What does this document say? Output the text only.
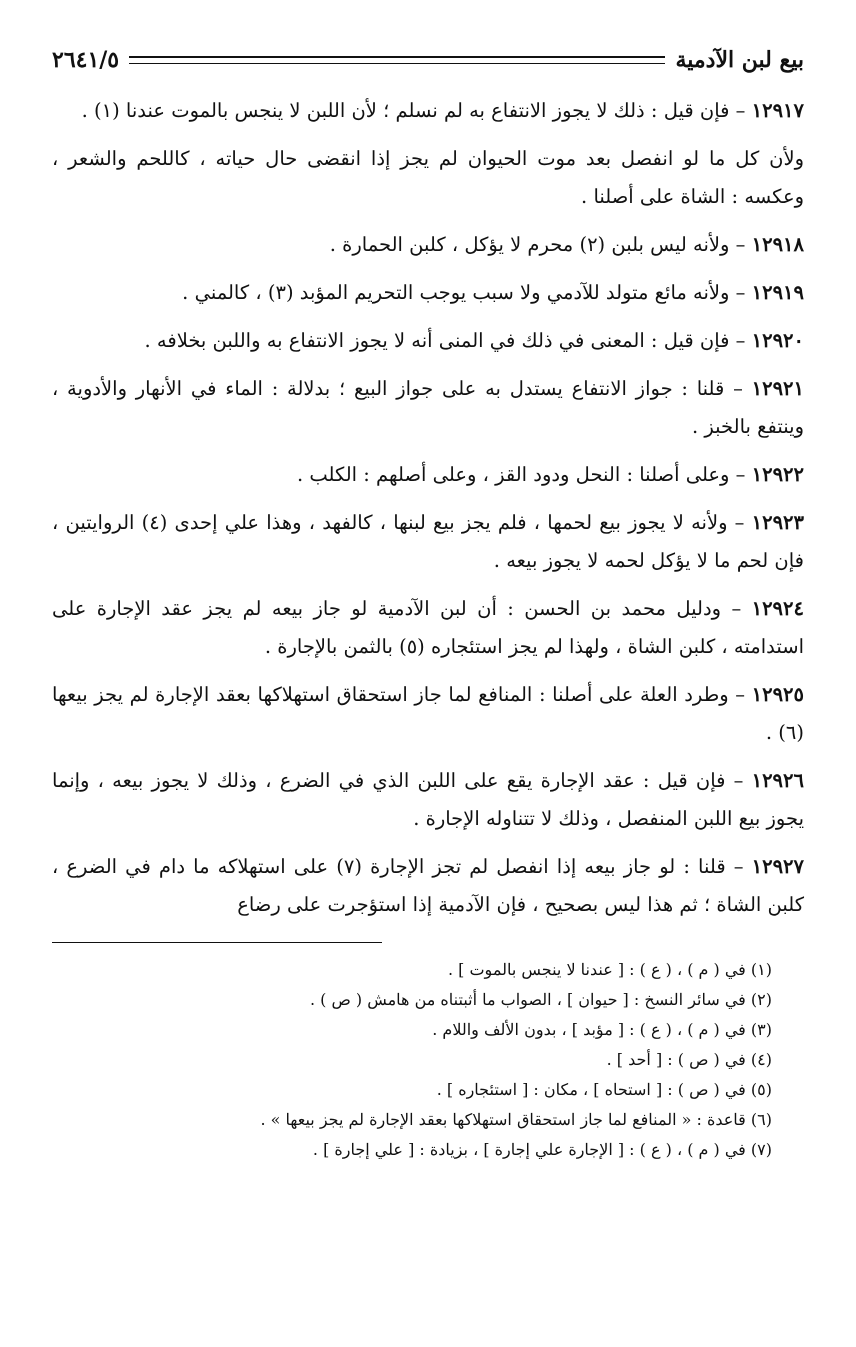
بيع لبن الآدمية
٢٦٤١/٥

١٢٩١٧ – فإن قيل : ذلك لا يجوز الانتفاع به لم نسلم ؛ لأن اللبن لا ينجس بالموت عندنا (١) .

ولأن كل ما لو انفصل بعد موت الحيوان لم يجز إذا انقضى حال حياته ، كاللحم والشعر ، وعكسه : الشاة على أصلنا .

١٢٩١٨ – ولأنه ليس بلبن (٢) محرم لا يؤكل ، كلبن الحمارة .

١٢٩١٩ – ولأنه مائع متولد للآدمي ولا سبب يوجب التحريم المؤبد (٣) ، كالمني .

١٢٩٢٠ – فإن قيل : المعنى في ذلك في المنى أنه لا يجوز الانتفاع به واللبن بخلافه .

١٢٩٢١ – قلنا : جواز الانتفاع يستدل به على جواز البيع ؛ بدلالة : الماء في الأنهار والأدوية ، وينتفع بالخبز .

١٢٩٢٢ – وعلى أصلنا : النحل ودود القز ، وعلى أصلهم : الكلب .

١٢٩٢٣ – ولأنه لا يجوز بيع لحمها ، فلم يجز بيع لبنها ، كالفهد ، وهذا علي إحدى (٤) الروايتين ، فإن لحم ما لا يؤكل لحمه لا يجوز بيعه .

١٢٩٢٤ – ودليل محمد بن الحسن : أن لبن الآدمية لو جاز بيعه لم يجز عقد الإجارة على استدامته ، كلبن الشاة ، ولهذا لم يجز استئجاره (٥) بالثمن بالإجارة .

١٢٩٢٥ – وطرد العلة على أصلنا : المنافع لما جاز استحقاق استهلاكها بعقد الإجارة لم يجز بيعها (٦) .

١٢٩٢٦ – فإن قيل : عقد الإجارة يقع على اللبن الذي في الضرع ، وذلك لا يجوز بيعه ، وإنما يجوز بيع اللبن المنفصل ، وذلك لا تتناوله الإجارة .

١٢٩٢٧ – قلنا : لو جاز بيعه إذا انفصل لم تجز الإجارة (٧) على استهلاكه ما دام في الضرع ، كلبن الشاة ؛ ثم هذا ليس بصحيح ، فإن الآدمية إذا استؤجرت على رضاع

(١) في ( م ) ، ( ع ) : [ عندنا لا ينجس بالموت ] .

(٢) في سائر النسخ : [ حيوان ] ، الصواب ما أثبتناه من هامش ( ص ) .

(٣) في ( م ) ، ( ع ) : [ مؤبد ] ، بدون الألف واللام .

(٤) في ( ص ) : [ أحد ] .

(٥) في ( ص ) : [ استحاه ] ، مكان : [ استئجاره ] .

(٦) قاعدة : « المنافع لما جاز استحقاق استهلاكها بعقد الإجارة لم يجز بيعها » .

(٧) في ( م ) ، ( ع ) : [ الإجارة علي إجارة ] ، بزيادة : [ علي إجارة ] .
